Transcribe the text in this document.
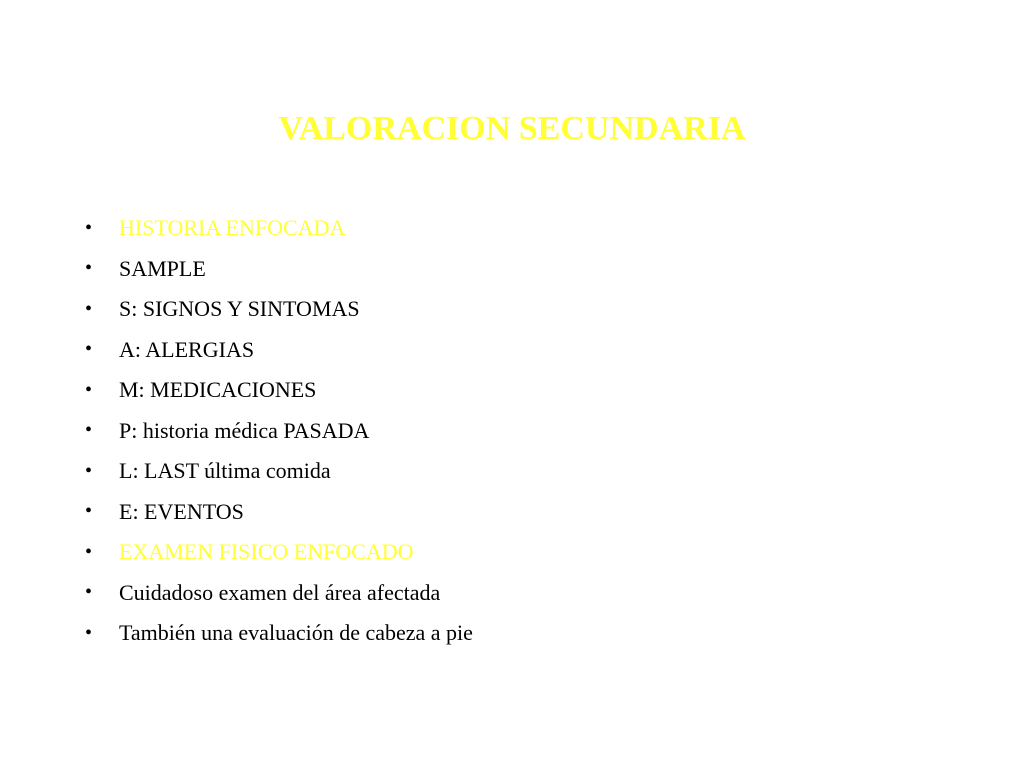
VALORACION SECUNDARIA
•	HISTORIA ENFOCADA
•	SAMPLE
•	S: SIGNOS Y SINTOMAS
•	A: ALERGIAS
•	M: MEDICACIONES
•	P: historia médica PASADA
•	L: LAST última comida
•	E: EVENTOS
•	EXAMEN FISICO ENFOCADO
•	Cuidadoso examen del área afectada
•	También una evaluación de cabeza a pie
